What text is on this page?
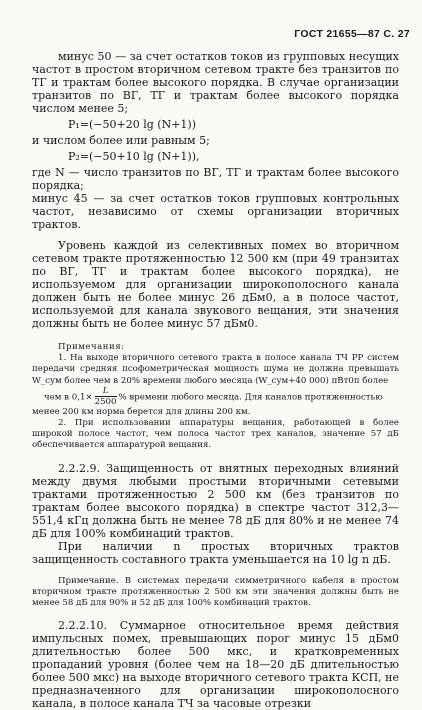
ГОСТ 21655—87 С. 27

минус 50 — за счет остатков токов из групповых несущих частот в простом вторичном сетевом тракте без транзитов по ТГ и трактам более высокого порядка. В случае организации транзитов по ВГ, ТГ и трактам более высокого порядка числом менее 5;

P₁=(−50+20 lg (N+1))

и числом более или равным 5;

P₂=(−50+10 lg (N+1)),

где N — число транзитов по ВГ, ТГ и трактам более высокого порядка;

минус 45 — за счет остатков токов групповых контрольных частот, независимо от схемы организации вторичных трактов.

Уровень каждой из селективных помех во вторичном сетевом тракте протяженностью 12 500 км (при 49 транзитах по ВГ, ТГ и трактам более высокого порядка), не используемом для организации широкополосного канала должен быть не более минус 26 дБм0, а в полосе частот, используемой для канала звукового вещания, эти значения должны быть не более минус 57 дБм0.

Примечания:

1. На выходе вторичного сетевого тракта в полосе канала ТЧ РР систем передачи средняя псофометрическая мощность шума не должна превышать W_cум более чем в 20% времени любого месяца (W_cум+40 000) пВт0п более

чем в $0,1\times \frac{L}{2500}$ % времени любого месяца. Для каналов протяженностью

менее 200 км норма берется для длины 200 км.

2. При использовании аппаратуры вещания, работающей в более широкой полосе частот, чем полоса частот трех каналов, значение 57 дБ обеспечивается аппаратурой вещания.

2.2.2.9. Защищенность от внятных переходных влияний между двумя любыми простыми вторичными сетевыми трактами протяженностью 2 500 км (без транзитов по трактам более высокого порядка) в спектре частот 312,3—551,4 кГц должна быть не менее 78 дБ для 80% и не менее 74 дБ для 100% комбинаций трактов.

При наличии n простых вторичных трактов защищенность составного тракта уменьшается на 10 lg n дБ.

Примечание. В системах передачи симметричного кабеля в простом вторичном тракте протяженностью 2 500 км эти значения должны быть не менее 58 дБ для 90% и 52 дБ для 100% комбинаций трактов.

2.2.2.10. Суммарное относительное время действия импульсных помех, превышающих порог минус 15 дБм0 длительностью более 500 мкс, и кратковременных пропаданий уровня (более чем на 18—20 дБ длительностью более 500 мкс) на выходе вторичного сетевого тракта КСП, не предназначенного для организации широкополосного канала, в полосе канала ТЧ за часовые отрезки
